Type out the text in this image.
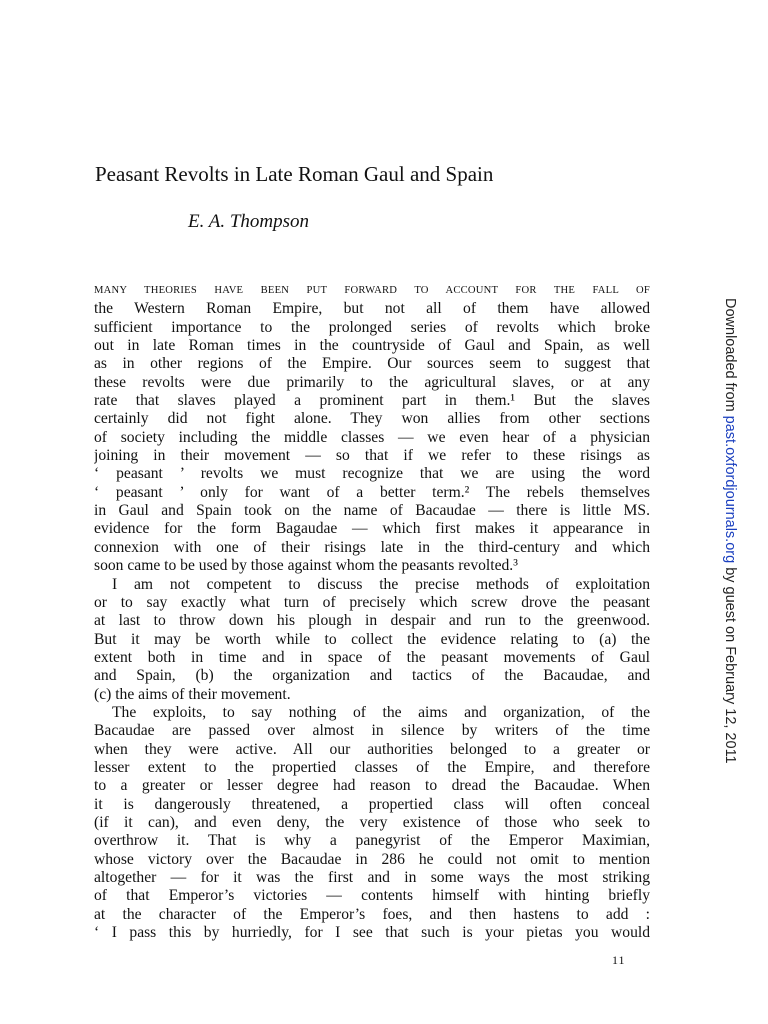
Peasant Revolts in Late Roman Gaul and Spain
E. A. Thompson
MANY THEORIES HAVE BEEN PUT FORWARD TO ACCOUNT FOR THE FALL OF
the Western Roman Empire, but not all of them have allowed
sufficient importance to the prolonged series of revolts which broke
out in late Roman times in the countryside of Gaul and Spain, as well
as in other regions of the Empire. Our sources seem to suggest that
these revolts were due primarily to the agricultural slaves, or at any
rate that slaves played a prominent part in them.¹ But the slaves
certainly did not fight alone. They won allies from other sections
of society including the middle classes — we even hear of a physician
joining in their movement — so that if we refer to these risings as
‘ peasant ’ revolts we must recognize that we are using the word
‘ peasant ’ only for want of a better term.² The rebels themselves
in Gaul and Spain took on the name of Bacaudae — there is little MS.
evidence for the form Bagaudae — which first makes it appearance in
connexion with one of their risings late in the third-century and which
soon came to be used by those against whom the peasants revolted.³
I am not competent to discuss the precise methods of exploitation
or to say exactly what turn of precisely which screw drove the peasant
at last to throw down his plough in despair and run to the greenwood.
But it may be worth while to collect the evidence relating to (a) the
extent both in time and in space of the peasant movements of Gaul
and Spain, (b) the organization and tactics of the Bacaudae, and
(c) the aims of their movement.
The exploits, to say nothing of the aims and organization, of the
Bacaudae are passed over almost in silence by writers of the time
when they were active. All our authorities belonged to a greater or
lesser extent to the propertied classes of the Empire, and therefore
to a greater or lesser degree had reason to dread the Bacaudae. When
it is dangerously threatened, a propertied class will often conceal
(if it can), and even deny, the very existence of those who seek to
overthrow it. That is why a panegyrist of the Emperor Maximian,
whose victory over the Bacaudae in 286 he could not omit to mention
altogether — for it was the first and in some ways the most striking
of that Emperor’s victories — contents himself with hinting briefly
at the character of the Emperor’s foes, and then hastens to add :
‘ I pass this by hurriedly, for I see that such is your pietas you would
11
Downloaded from past.oxfordjournals.org by guest on February 12, 2011
